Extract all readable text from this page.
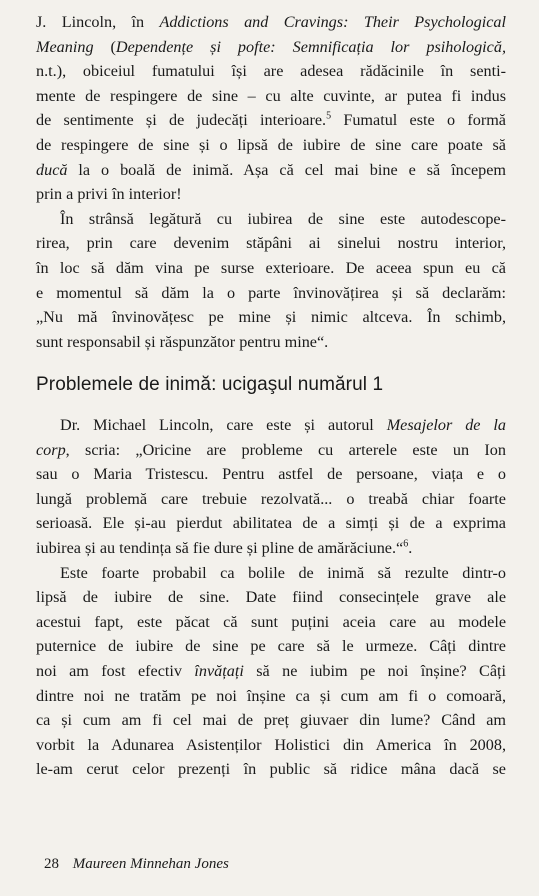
J. Lincoln, în Addictions and Cravings: Their Psychological
Meaning (Dependențe și pofte: Semnificația lor psihologică,
n.t.), obiceiul fumatului își are adesea rădăcinile în senti-
mente de respingere de sine – cu alte cuvinte, ar putea fi indus
de sentimente și de judecăți interioare.$^5$ Fumatul este o formă
de respingere de sine și o lipsă de iubire de sine care poate să
ducă la o boală de inimă. Așa că cel mai bine e să începem
prin a privi în interior!
În strânsă legătură cu iubirea de sine este autodescope-
rirea, prin care devenim stăpâni ai sinelui nostru interior,
în loc să dăm vina pe surse exterioare. De aceea spun eu că
e momentul să dăm la o parte învinovățirea și să declarăm:
„Nu mă învinovățesc pe mine și nimic altceva. În schimb,
sunt responsabil și răspunzător pentru mine“.
Problemele de inimă: ucigaşul numărul 1
Dr. Michael Lincoln, care este și autorul Mesajelor de la
corp, scria: „Oricine are probleme cu arterele este un Ion
sau o Maria Tristescu. Pentru astfel de persoane, viața e o
lungă problemă care trebuie rezolvată... o treabă chiar foarte
serioasă. Ele și-au pierdut abilitatea de a simți și de a exprima
iubirea și au tendința să fie dure și pline de amărăciune.“$^6$.
Este foarte probabil ca bolile de inimă să rezulte dintr-o
lipsă de iubire de sine. Date fiind consecințele grave ale
acestui fapt, este păcat că sunt puțini aceia care au modele
puternice de iubire de sine pe care să le urmeze. Câți dintre
noi am fost efectiv învățați să ne iubim pe noi înșine? Câți
dintre noi ne tratăm pe noi înșine ca și cum am fi o comoară,
ca și cum am fi cel mai de preț giuvaer din lume? Când am
vorbit la Adunarea Asistenților Holistici din America în 2008,
le-am cerut celor prezenți în public să ridice mâna dacă se
28 Maureen Minnehan Jones
